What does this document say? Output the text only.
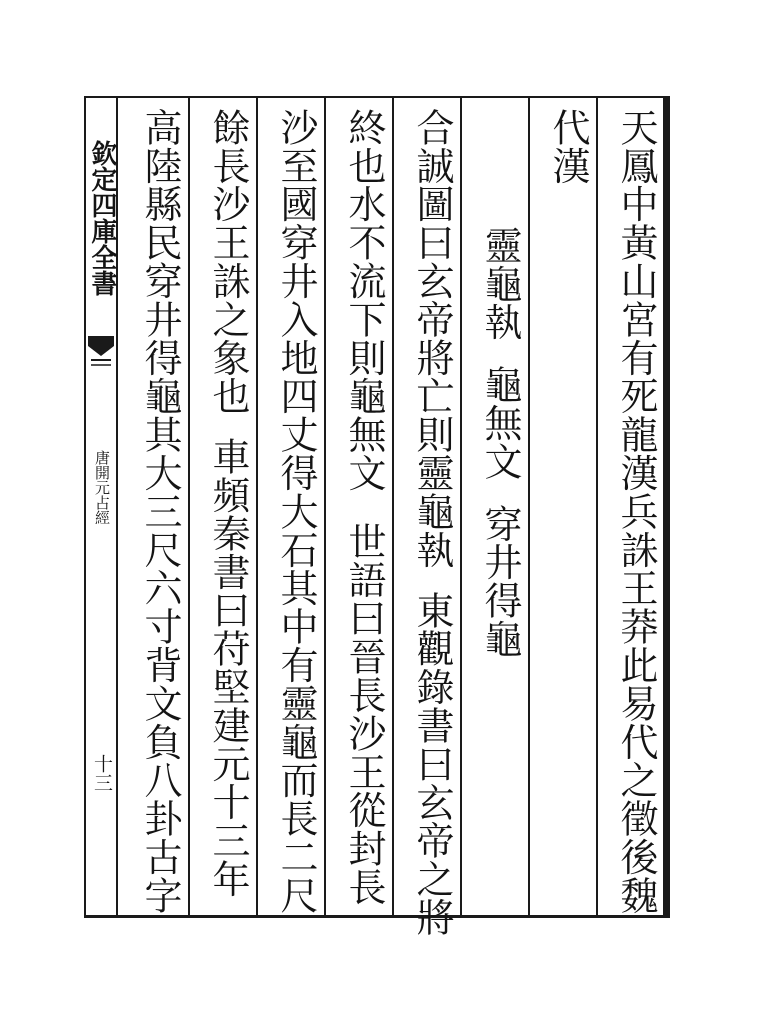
欽定四庫全書
唐開元占經
十三	天鳳中黃山宮有死龍漢兵誅王莽此易代之徵後魏
代漢
靈龜執龜無文穿井得龜
合誠圖曰玄帝將亡則靈龜執東觀錄書曰玄帝之將
終也水不流下則龜無文世語曰晉長沙王從封長
沙至國穿井入地四丈得大石其中有靈龜而長二尺
餘長沙王誅之象也車頻秦書曰苻堅建元十三年
高陸縣民穿井得龜其大三尺六寸背文負八卦古字
